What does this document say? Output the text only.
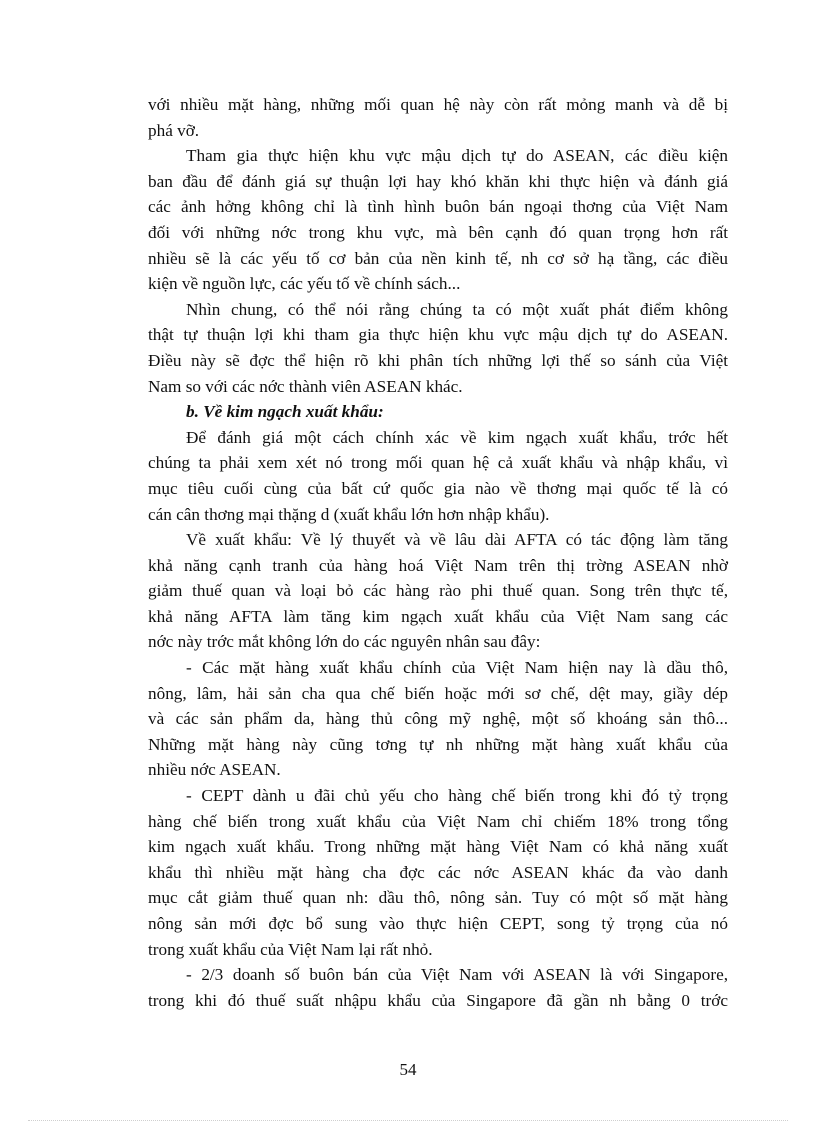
với nhiều mặt hàng, những mối quan hệ này còn rất mỏng manh và dễ bị

phá vỡ.

Tham gia thực hiện khu vực mậu dịch tự do ASEAN, các điều kiện

ban đầu để đánh giá sự thuận lợi hay khó khăn khi thực hiện và đánh giá

các ảnh hởng không chỉ là tình hình buôn bán ngoại thơng của Việt Nam

đối với những nớc trong khu vực, mà bên cạnh đó quan trọng hơn rất

nhiều sẽ là các yếu tố cơ bản của nền kinh tế, nh cơ sở hạ tầng, các điều

kiện về nguồn lực, các yếu tố về chính sách...

Nhìn chung, có thể nói rằng chúng ta có một xuất phát điểm không

thật tự thuận lợi khi tham gia thực hiện khu vực mậu dịch tự do ASEAN.

Điều này sẽ đợc thể hiện rõ khi phân tích những lợi thế so sánh của Việt

Nam so với các nớc thành viên ASEAN khác.

b. Về kim ngạch xuất khẩu:

Để đánh giá một cách chính xác về kim ngạch xuất khẩu, trớc hết

chúng ta phải xem xét nó trong mối quan hệ cả xuất khẩu và nhập khẩu, vì

mục tiêu cuối cùng của bất cứ quốc gia nào về thơng mại quốc tế là có

cán cân thơng mại thặng d (xuất khẩu lớn hơn nhập khẩu).

Về xuất khẩu: Về lý thuyết và về lâu dài AFTA có tác động làm tăng

khả năng cạnh tranh của hàng hoá Việt Nam trên thị trờng ASEAN nhờ

giảm thuế quan và loại bỏ các hàng rào phi thuế quan. Song trên thực tế,

khả năng AFTA làm tăng kim ngạch xuất khẩu của Việt Nam sang các

nớc này trớc mắt không lớn do các nguyên nhân sau đây:

- Các mặt hàng xuất khẩu chính của Việt Nam hiện nay là dầu thô,

nông, lâm, hải sản cha qua chế biến hoặc mới sơ chế, dệt may, giầy dép

và các sản phẩm da, hàng thủ công mỹ nghệ, một số khoáng sản thô...

Những mặt hàng này cũng tơng tự nh những mặt hàng xuất khẩu của

nhiều nớc ASEAN.

- CEPT dành u đãi chủ yếu cho hàng chế biến trong khi đó tỷ trọng

hàng chế biến trong xuất khẩu của Việt Nam chỉ chiếm 18% trong tổng

kim ngạch xuất khẩu. Trong những mặt hàng Việt Nam có khả năng xuất

khẩu thì nhiều mặt hàng cha đợc các nớc ASEAN khác đa vào danh

mục cắt giảm thuế quan nh: dầu thô, nông sản. Tuy có một số mặt hàng

nông sản mới đợc bổ sung vào thực hiện CEPT, song tỷ trọng của nó

trong xuất khẩu của Việt Nam lại rất nhỏ.

- 2/3 doanh số buôn bán của Việt Nam với ASEAN là với Singapore,

trong khi đó thuế suất nhậpu khẩu của Singapore đã gần nh bằng 0 trớc

54
